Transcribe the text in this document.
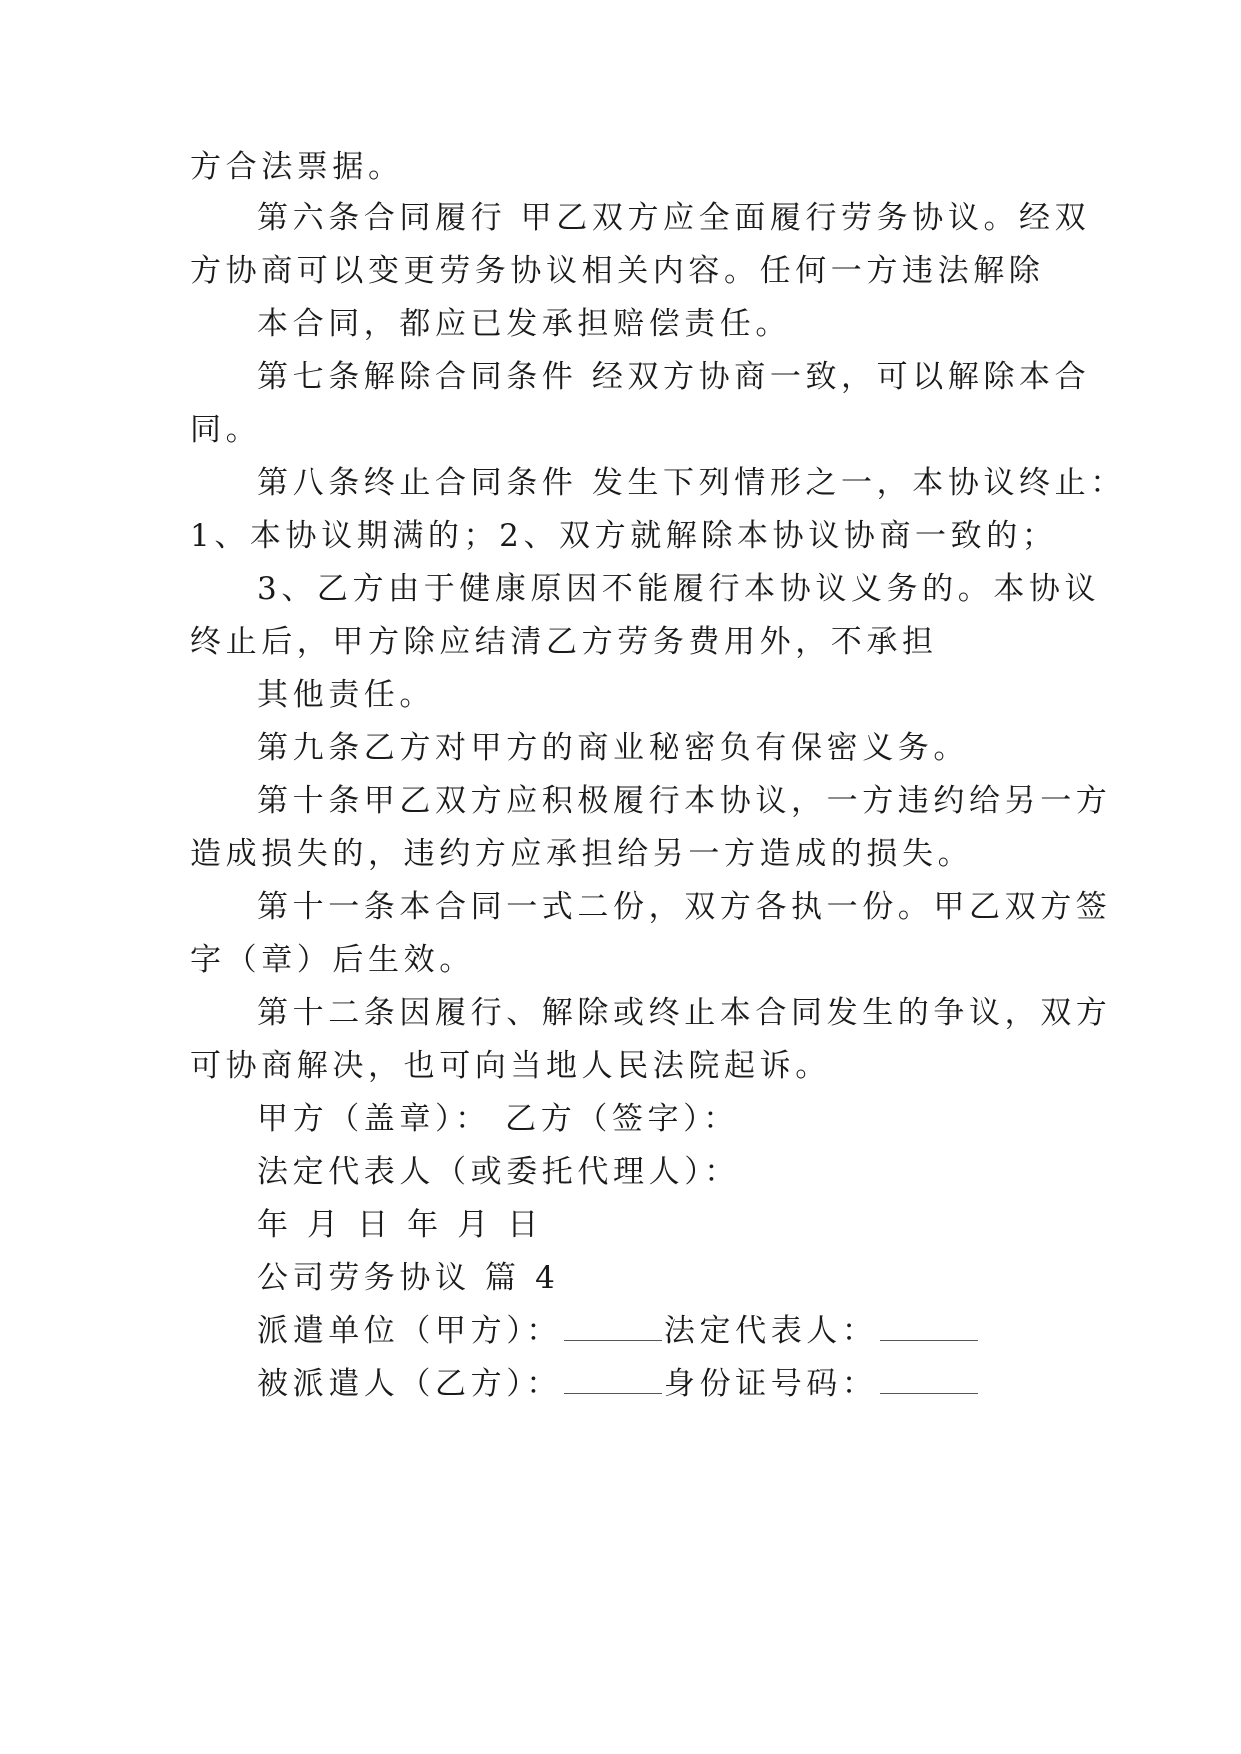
方合法票据。

第六条合同履行 甲乙双方应全面履行劳务协议。经双

方协商可以变更劳务协议相关内容。任何一方违法解除

本合同，都应已发承担赔偿责任。

第七条解除合同条件 经双方协商一致，可以解除本合

同。

第八条终止合同条件 发生下列情形之一，本协议终止：

1、本协议期满的；2、双方就解除本协议协商一致的；

3、乙方由于健康原因不能履行本协议义务的。本协议

终止后，甲方除应结清乙方劳务费用外，不承担

其他责任。

第九条乙方对甲方的商业秘密负有保密义务。

第十条甲乙双方应积极履行本协议，一方违约给另一方

造成损失的，违约方应承担给另一方造成的损失。

第十一条本合同一式二份，双方各执一份。甲乙双方签

字（章）后生效。

第十二条因履行、解除或终止本合同发生的争议，双方

可协商解决，也可向当地人民法院起诉。

甲方（盖章）： 乙方（签字）：

法定代表人（或委托代理人）：

年 月 日 年 月 日

公司劳务协议 篇 4

派遣单位（甲方）：	法定代表人：

被派遣人（乙方）：	身份证号码：
